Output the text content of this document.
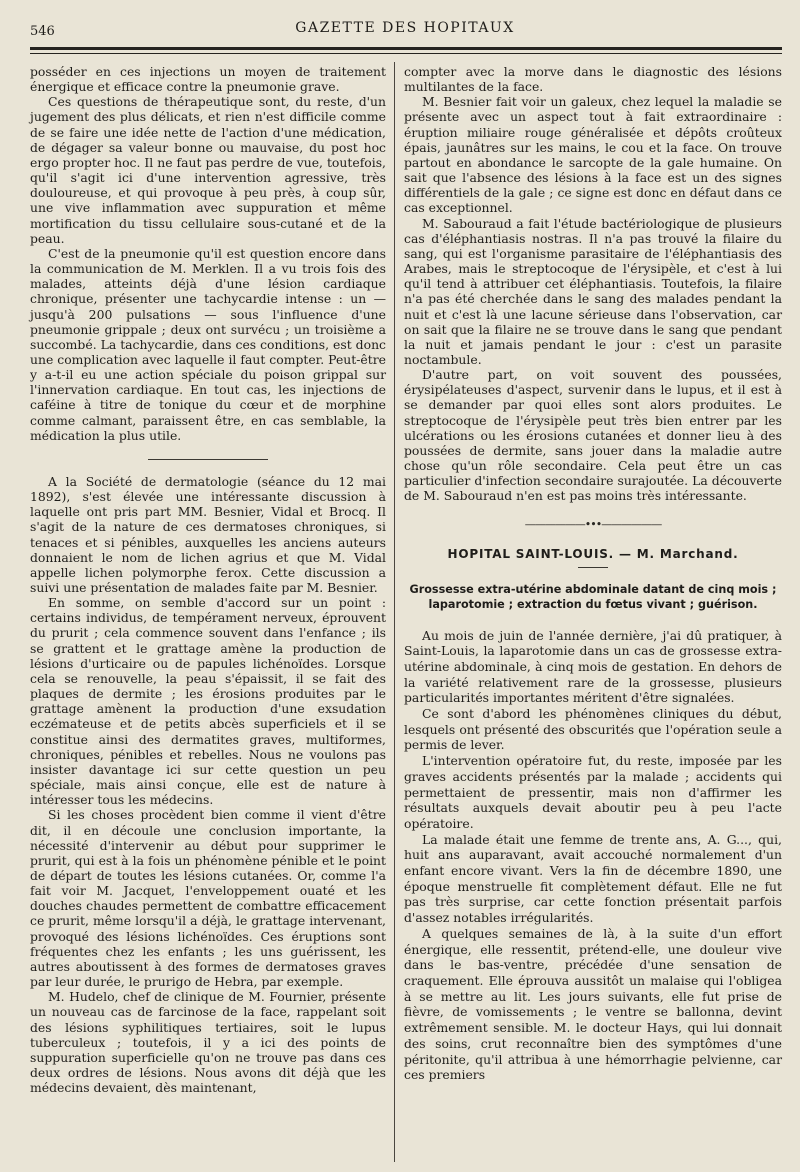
546	GAZETTE DES HOPITAUX

posséder en ces injections un moyen de traitement énergique et efficace contre la pneumonie grave.

Ces questions de thérapeutique sont, du reste, d'un jugement des plus délicats, et rien n'est difficile comme de se faire une idée nette de l'action d'une médication, de dégager sa valeur bonne ou mauvaise, du post hoc ergo propter hoc. Il ne faut pas perdre de vue, toutefois, qu'il s'agit ici d'une intervention agressive, très douloureuse, et qui provoque à peu près, à coup sûr, une vive inflammation avec suppuration et même mortification du tissu cellulaire sous-cutané et de la peau.

C'est de la pneumonie qu'il est question encore dans la communication de M. Merklen. Il a vu trois fois des malades, atteints déjà d'une lésion cardiaque chronique, présenter une tachycardie intense : un — jusqu'à 200 pulsations — sous l'influence d'une pneumonie grippale ; deux ont survécu ; un troisième a succombé. La tachycardie, dans ces conditions, est donc une complication avec laquelle il faut compter. Peut-être y a-t-il eu une action spéciale du poison grippal sur l'innervation cardiaque. En tout cas, les injections de caféine à titre de tonique du cœur et de morphine comme calmant, paraissent être, en cas semblable, la médication la plus utile.

A la Société de dermatologie (séance du 12 mai 1892), s'est élevée une intéressante discussion à laquelle ont pris part MM. Besnier, Vidal et Brocq. Il s'agit de la nature de ces dermatoses chroniques, si tenaces et si pénibles, auxquelles les anciens auteurs donnaient le nom de lichen agrius et que M. Vidal appelle lichen polymorphe ferox. Cette discussion a suivi une présentation de malades faite par M. Besnier.

En somme, on semble d'accord sur un point : certains individus, de tempérament nerveux, éprouvent du prurit ; cela commence souvent dans l'enfance ; ils se grattent et le grattage amène la production de lésions d'urticaire ou de papules lichénoïdes. Lorsque cela se renouvelle, la peau s'épaissit, il se fait des plaques de dermite ; les érosions produites par le grattage amènent la production d'une exsudation eczémateuse et de petits abcès superficiels et il se constitue ainsi des dermatites graves, multiformes, chroniques, pénibles et rebelles. Nous ne voulons pas insister davantage ici sur cette question un peu spéciale, mais ainsi conçue, elle est de nature à intéresser tous les médecins.

Si les choses procèdent bien comme il vient d'être dit, il en découle une conclusion importante, la nécessité d'intervenir au début pour supprimer le prurit, qui est à la fois un phénomène pénible et le point de départ de toutes les lésions cutanées. Or, comme l'a fait voir M. Jacquet, l'enveloppement ouaté et les douches chaudes permettent de combattre efficacement ce prurit, même lorsqu'il a déjà, le grattage intervenant, provoqué des lésions lichénoïdes. Ces éruptions sont fréquentes chez les enfants ; les uns guérissent, les autres aboutissent à des formes de dermatoses graves par leur durée, le prurigo de Hebra, par exemple.

M. Hudelo, chef de clinique de M. Fournier, présente un nouveau cas de farcinose de la face, rappelant soit des lésions syphilitiques tertiaires, soit le lupus tuberculeux ; toutefois, il y a ici des points de suppuration superficielle qu'on ne trouve pas dans ces deux ordres de lésions. Nous avons dit déjà que les médecins devaient, dès maintenant,

compter avec la morve dans le diagnostic des lésions multilantes de la face.

M. Besnier fait voir un galeux, chez lequel la maladie se présente avec un aspect tout à fait extraordinaire : éruption miliaire rouge généralisée et dépôts croûteux épais, jaunâtres sur les mains, le cou et la face. On trouve partout en abondance le sarcopte de la gale humaine. On sait que l'absence des lésions à la face est un des signes différentiels de la gale ; ce signe est donc en défaut dans ce cas exceptionnel.

M. Sabouraud a fait l'étude bactériologique de plusieurs cas d'éléphantiasis nostras. Il n'a pas trouvé la filaire du sang, qui est l'organisme parasitaire de l'éléphantiasis des Arabes, mais le streptocoque de l'érysipèle, et c'est à lui qu'il tend à attribuer cet éléphantiasis. Toutefois, la filaire n'a pas été cherchée dans le sang des malades pendant la nuit et c'est là une lacune sérieuse dans l'observation, car on sait que la filaire ne se trouve dans le sang que pendant la nuit et jamais pendant le jour : c'est un parasite noctambule.

D'autre part, on voit souvent des poussées, érysipélateuses d'aspect, survenir dans le lupus, et il est à se demander par quoi elles sont alors produites. Le streptocoque de l'érysipèle peut très bien entrer par les ulcérations ou les érosions cutanées et donner lieu à des poussées de dermite, sans jouer dans la maladie autre chose qu'un rôle secondaire. Cela peut être un cas particulier d'infection secondaire surajoutée. La découverte de M. Sabouraud n'en est pas moins très intéressante.

——————•••——————
HOPITAL SAINT-LOUIS. — M. Marchand.
Grossesse extra-utérine abdominale datant de cinq mois ; laparotomie ; extraction du fœtus vivant ; guérison.

Au mois de juin de l'année dernière, j'ai dû pratiquer, à Saint-Louis, la laparotomie dans un cas de grossesse extra-utérine abdominale, à cinq mois de gestation. En dehors de la variété relativement rare de la grossesse, plusieurs particularités importantes méritent d'être signalées.

Ce sont d'abord les phénomènes cliniques du début, lesquels ont présenté des obscurités que l'opération seule a permis de lever.

L'intervention opératoire fut, du reste, imposée par les graves accidents présentés par la malade ; accidents qui permettaient de pressentir, mais non d'affirmer les résultats auxquels devait aboutir peu à peu l'acte opératoire.

La malade était une femme de trente ans, A. G..., qui, huit ans auparavant, avait accouché normalement d'un enfant encore vivant. Vers la fin de décembre 1890, une époque menstruelle fit complètement défaut. Elle ne fut pas très surprise, car cette fonction présentait parfois d'assez notables irrégularités.

A quelques semaines de là, à la suite d'un effort énergique, elle ressentit, prétend-elle, une douleur vive dans le bas-ventre, précédée d'une sensation de craquement. Elle éprouva aussitôt un malaise qui l'obligea à se mettre au lit. Les jours suivants, elle fut prise de fièvre, de vomissements ; le ventre se ballonna, devint extrêmement sensible. M. le docteur Hays, qui lui donnait des soins, crut reconnaître bien des symptômes d'une péritonite, qu'il attribua à une hémorrhagie pelvienne, car ces premiers
